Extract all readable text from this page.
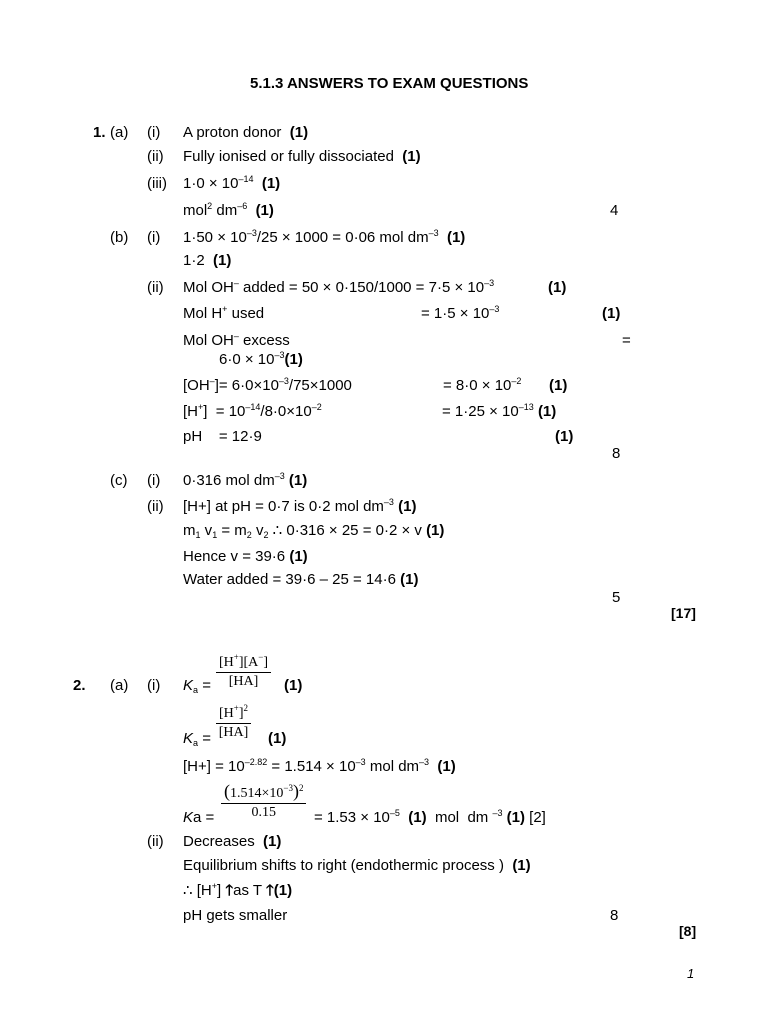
5.1.3 ANSWERS TO EXAM QUESTIONS
1. (a) (i) A proton donor (1)
(ii) Fully ionised or fully dissociated (1)
(iii) $1\cdot 0 \times 10^{-14}$ (1)
mol$^2$ $dm^{-6}$ (1)	4
(b) (i) $1\cdot 50 \times 10^{-3}/25 \times 1000 = 0\cdot 06$ mol $dm^{-3}$ (1)
1·2 (1)
(ii) Mol OH– added = $50 \times 0\cdot 150/1000 = 7\cdot 5 \times 10^{-3}$	(1)
Mol H+ used	= $1\cdot 5 \times 10^{-3}$	(1)
Mol OH– excess	=
$6\cdot 0 \times 10^{-3}(1)$
$[OH^-]= 6\cdot 0\times 10^{-3}/75\times 1000$	= $8\cdot 0 \times 10^{-2}$ (1)
$[H^+] = 10^{-14}/8\cdot 0\times 10^{-2}$	= $1\cdot 25 \times 10^{-13}$ (1)
pH    = 12·9	(1)
8
(c) (i) 0·316 mol $dm^{-3}$ (1)
(ii) [H+] at pH = 0·7 is 0·2 mol $dm^{-3}$ (1)
$m_1$ $v_1 = m_2$ $v_2$ ∴ 0·316 × 25 = 0·2 × v (1)
Hence v = 39·6 (1)
Water added = 39·6 – 25 = 14·6 (1)
5
[17]
2. (a) (i) $K_a = \frac{[H^+][A^-]}{[HA]} (1)$
$K_a = \frac{[H^+]^2}{[HA]} (1)$
$[H+] = 10^{-2.82} = 1.514 \times 10^{-3}$ mol $dm^{-3}$ (1)
$Ka = \frac{(1.514\times 10^{-3})^2}{0.15} = 1.53 \times 10^{-5}$ (1)  mol  dm $^{-3}$ (1) [2]
(ii) Decreases (1)
Equilibrium shifts to right (endothermic process ) (1)
∴ [H+] 🡑as T 🡑(1)
pH gets smaller	8
[8]
1
